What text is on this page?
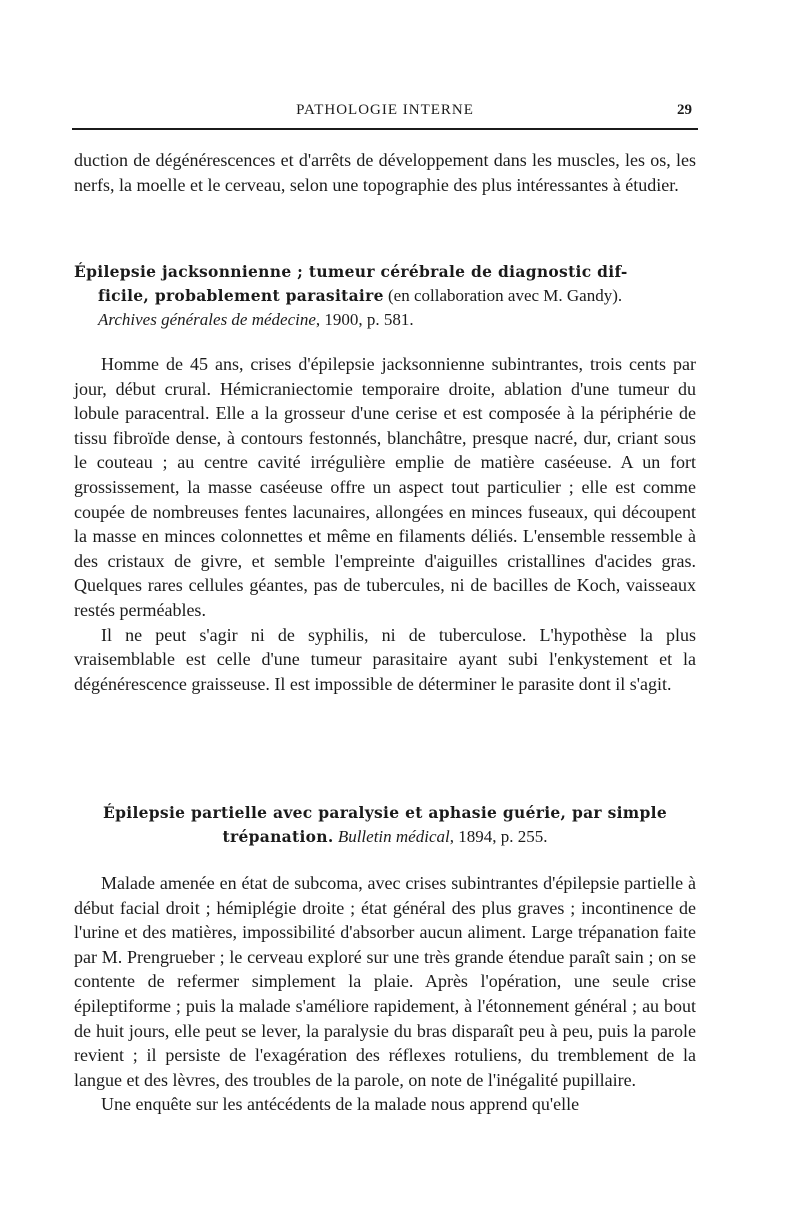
PATHOLOGIE INTERNE	29

duction de dégénérescences et d'arrêts de développement dans les muscles, les os, les nerfs, la moelle et le cerveau, selon une topographie des plus intéressantes à étudier.

Épilepsie jacksonnienne ; tumeur cérébrale de diagnostic dif-
ficile, probablement parasitaire (en collaboration avec M. Gandy).
Archives générales de médecine, 1900, p. 581.

Homme de 45 ans, crises d'épilepsie jacksonnienne subintrantes, trois cents par jour, début crural. Hémicraniectomie temporaire droite, ablation d'une tumeur du lobule paracentral. Elle a la grosseur d'une cerise et est composée à la périphérie de tissu fibroïde dense, à contours festonnés, blanchâtre, presque nacré, dur, criant sous le couteau ; au centre cavité irrégulière emplie de matière caséeuse. A un fort grossissement, la masse caséeuse offre un aspect tout particulier ; elle est comme coupée de nombreuses fentes lacunaires, allongées en minces fuseaux, qui découpent la masse en minces colonnettes et même en filaments déliés. L'ensemble ressemble à des cristaux de givre, et semble l'empreinte d'aiguilles cristallines d'acides gras. Quelques rares cellules géantes, pas de tubercules, ni de bacilles de Koch, vaisseaux restés perméables.

Il ne peut s'agir ni de syphilis, ni de tuberculose. L'hypothèse la plus vraisemblable est celle d'une tumeur parasitaire ayant subi l'enkystement et la dégénérescence graisseuse. Il est impossible de déterminer le parasite dont il s'agit.

Épilepsie partielle avec paralysie et aphasie guérie, par simple
trépanation. Bulletin médical, 1894, p. 255.

Malade amenée en état de subcoma, avec crises subintrantes d'épilepsie partielle à début facial droit ; hémiplégie droite ; état général des plus graves ; incontinence de l'urine et des matières, impossibilité d'absorber aucun aliment. Large trépanation faite par M. Prengrueber ; le cerveau exploré sur une très grande étendue paraît sain ; on se contente de refermer simplement la plaie. Après l'opération, une seule crise épileptiforme ; puis la malade s'améliore rapidement, à l'étonnement général ; au bout de huit jours, elle peut se lever, la paralysie du bras disparaît peu à peu, puis la parole revient ; il persiste de l'exagération des réflexes rotuliens, du tremblement de la langue et des lèvres, des troubles de la parole, on note de l'inégalité pupillaire.

Une enquête sur les antécédents de la malade nous apprend qu'elle
